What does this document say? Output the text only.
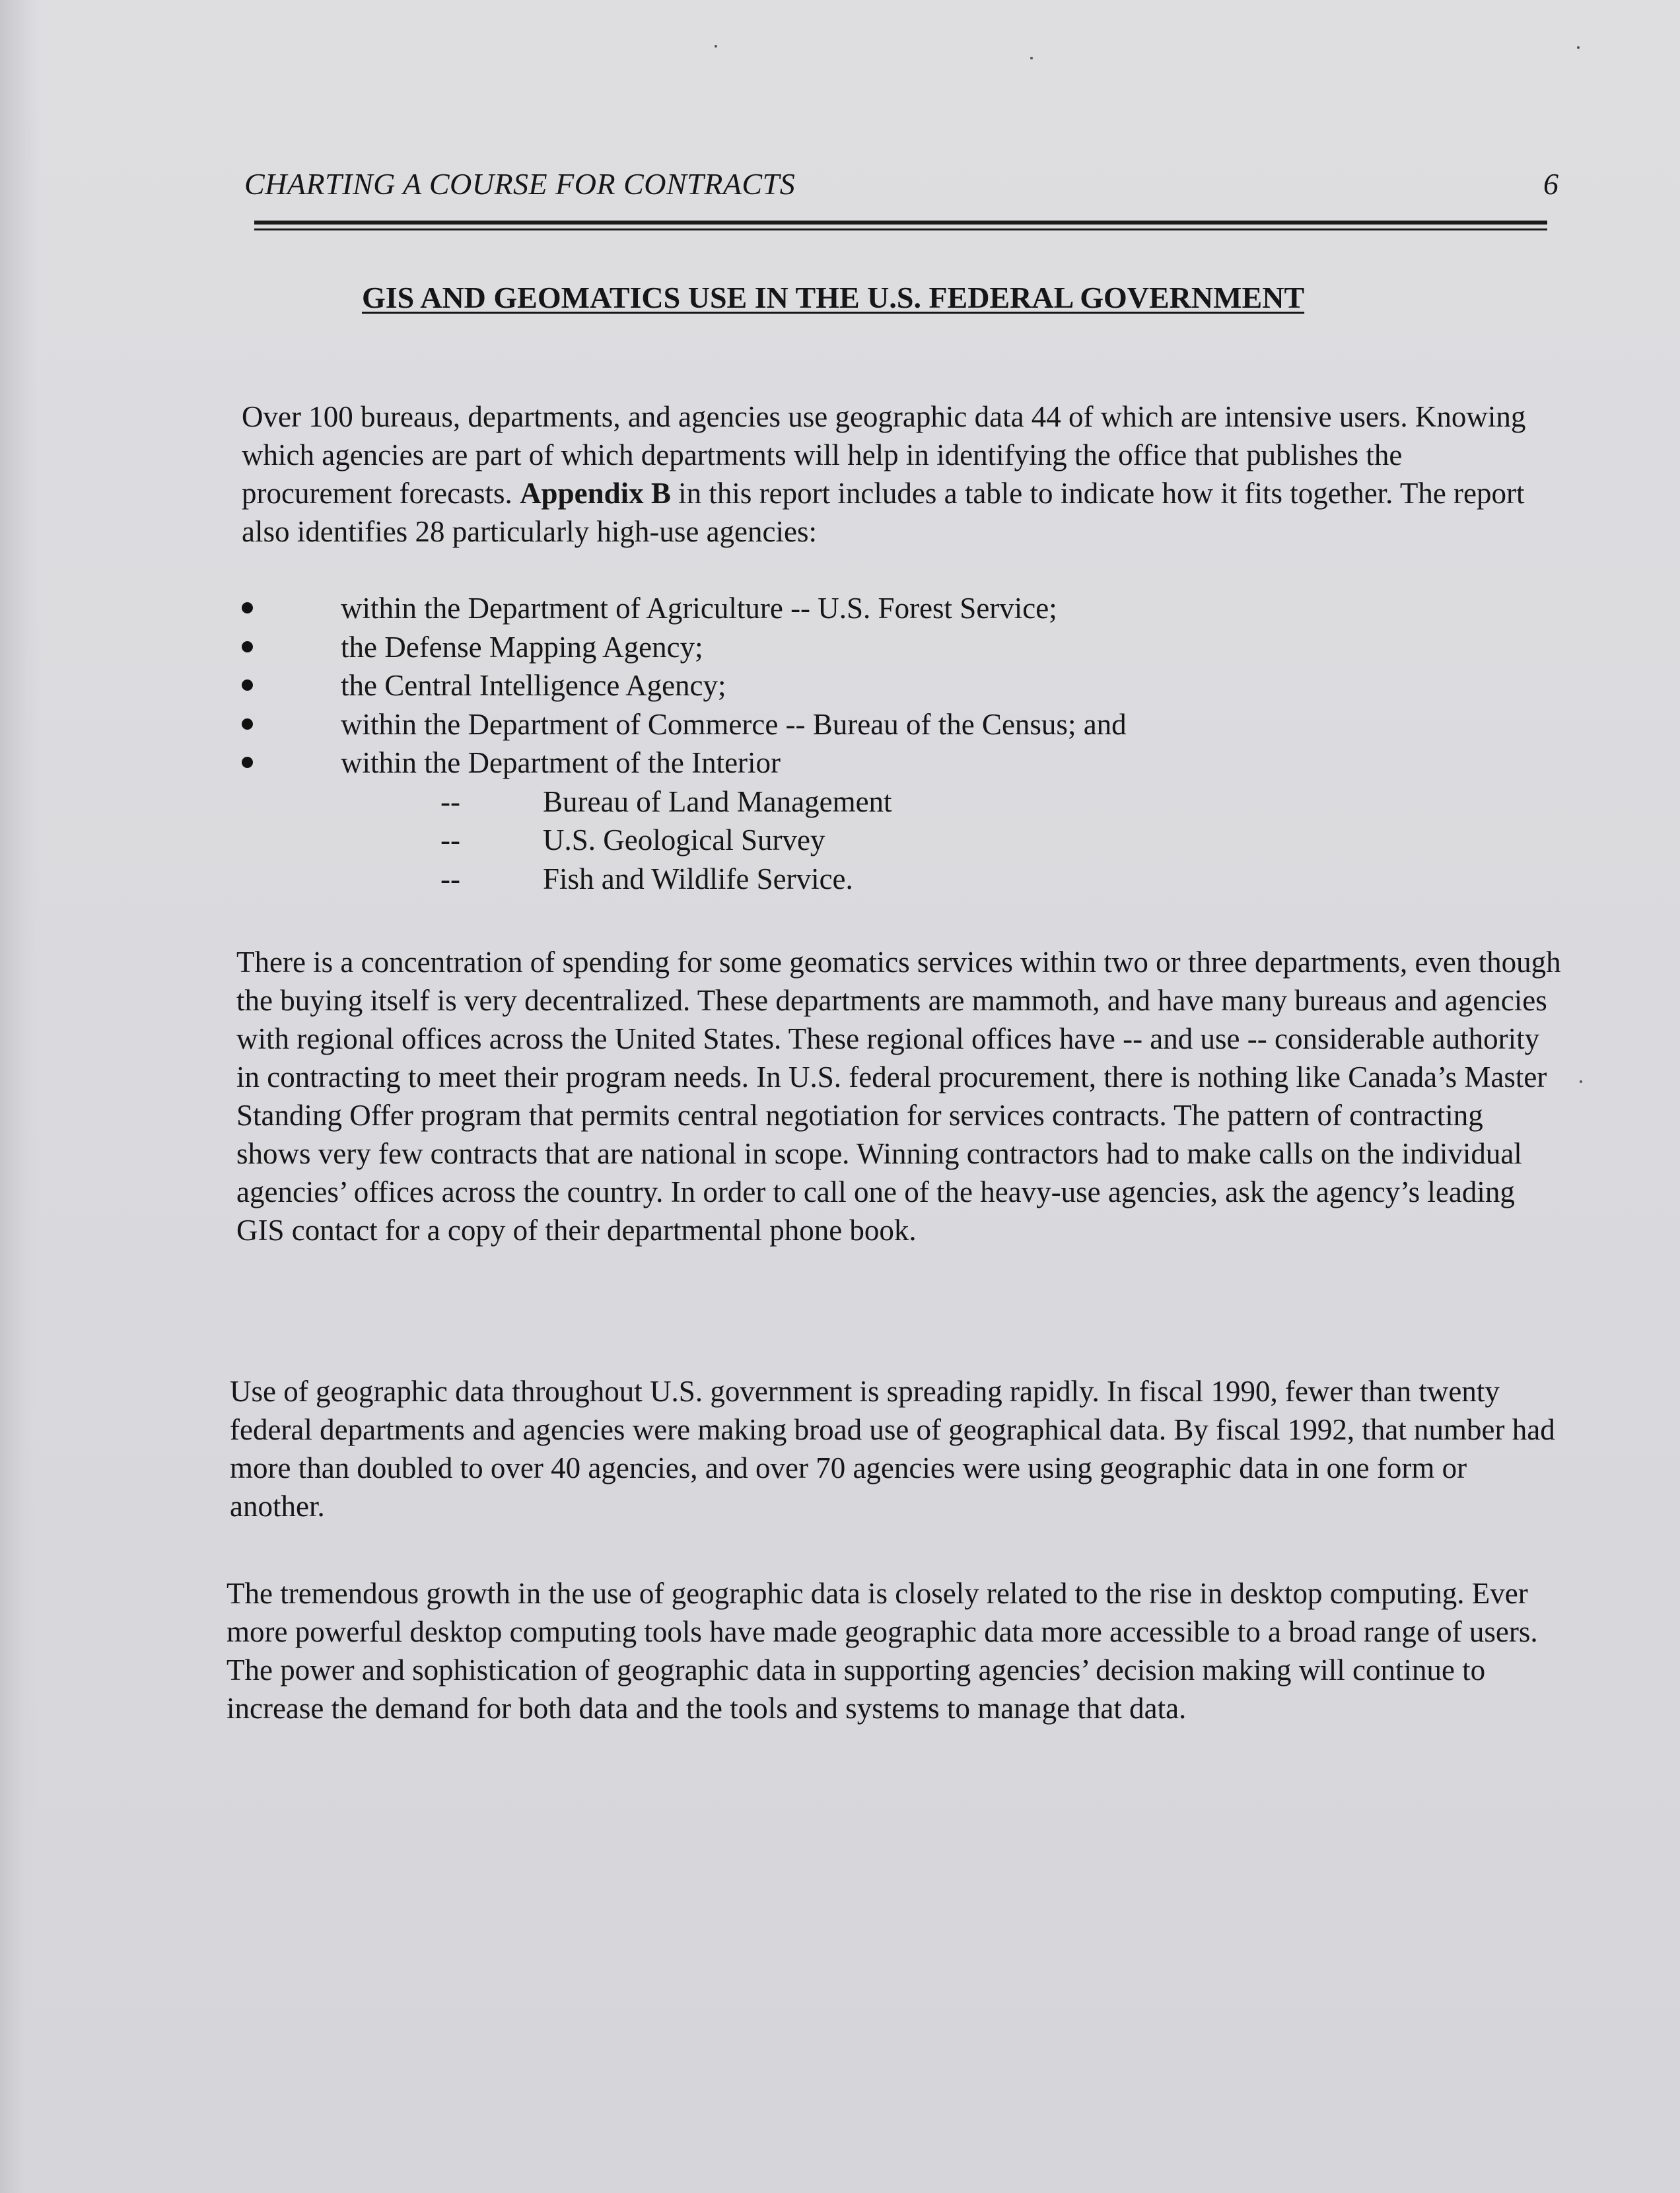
CHARTING A COURSE FOR CONTRACTS	6
GIS AND GEOMATICS USE IN THE U.S. FEDERAL GOVERNMENT
Over 100 bureaus, departments, and agencies use geographic data 44 of which are intensive users. Knowing which agencies are part of which departments will help in identifying the office that publishes the procurement forecasts. Appendix B in this report includes a table to indicate how it fits together. The report also identifies 28 particularly high-use agencies:
within the Department of Agriculture -- U.S. Forest Service;
the Defense Mapping Agency;
the Central Intelligence Agency;
within the Department of Commerce -- Bureau of the Census; and
within the Department of the Interior
--	Bureau of Land Management
--	U.S. Geological Survey
--	Fish and Wildlife Service.
There is a concentration of spending for some geomatics services within two or three departments, even though the buying itself is very decentralized. These departments are mammoth, and have many bureaus and agencies with regional offices across the United States. These regional offices have -- and use -- considerable authority in contracting to meet their program needs. In U.S. federal procurement, there is nothing like Canada’s Master Standing Offer program that permits central negotiation for services contracts. The pattern of contracting shows very few contracts that are national in scope. Winning contractors had to make calls on the individual agencies’ offices across the country. In order to call one of the heavy-use agencies, ask the agency’s leading GIS contact for a copy of their departmental phone book.
Use of geographic data throughout U.S. government is spreading rapidly. In fiscal 1990, fewer than twenty federal departments and agencies were making broad use of geographical data. By fiscal 1992, that number had more than doubled to over 40 agencies, and over 70 agencies were using geographic data in one form or another.
The tremendous growth in the use of geographic data is closely related to the rise in desktop computing. Ever more powerful desktop computing tools have made geographic data more accessible to a broad range of users. The power and sophistication of geographic data in supporting agencies’ decision making will continue to increase the demand for both data and the tools and systems to manage that data.
